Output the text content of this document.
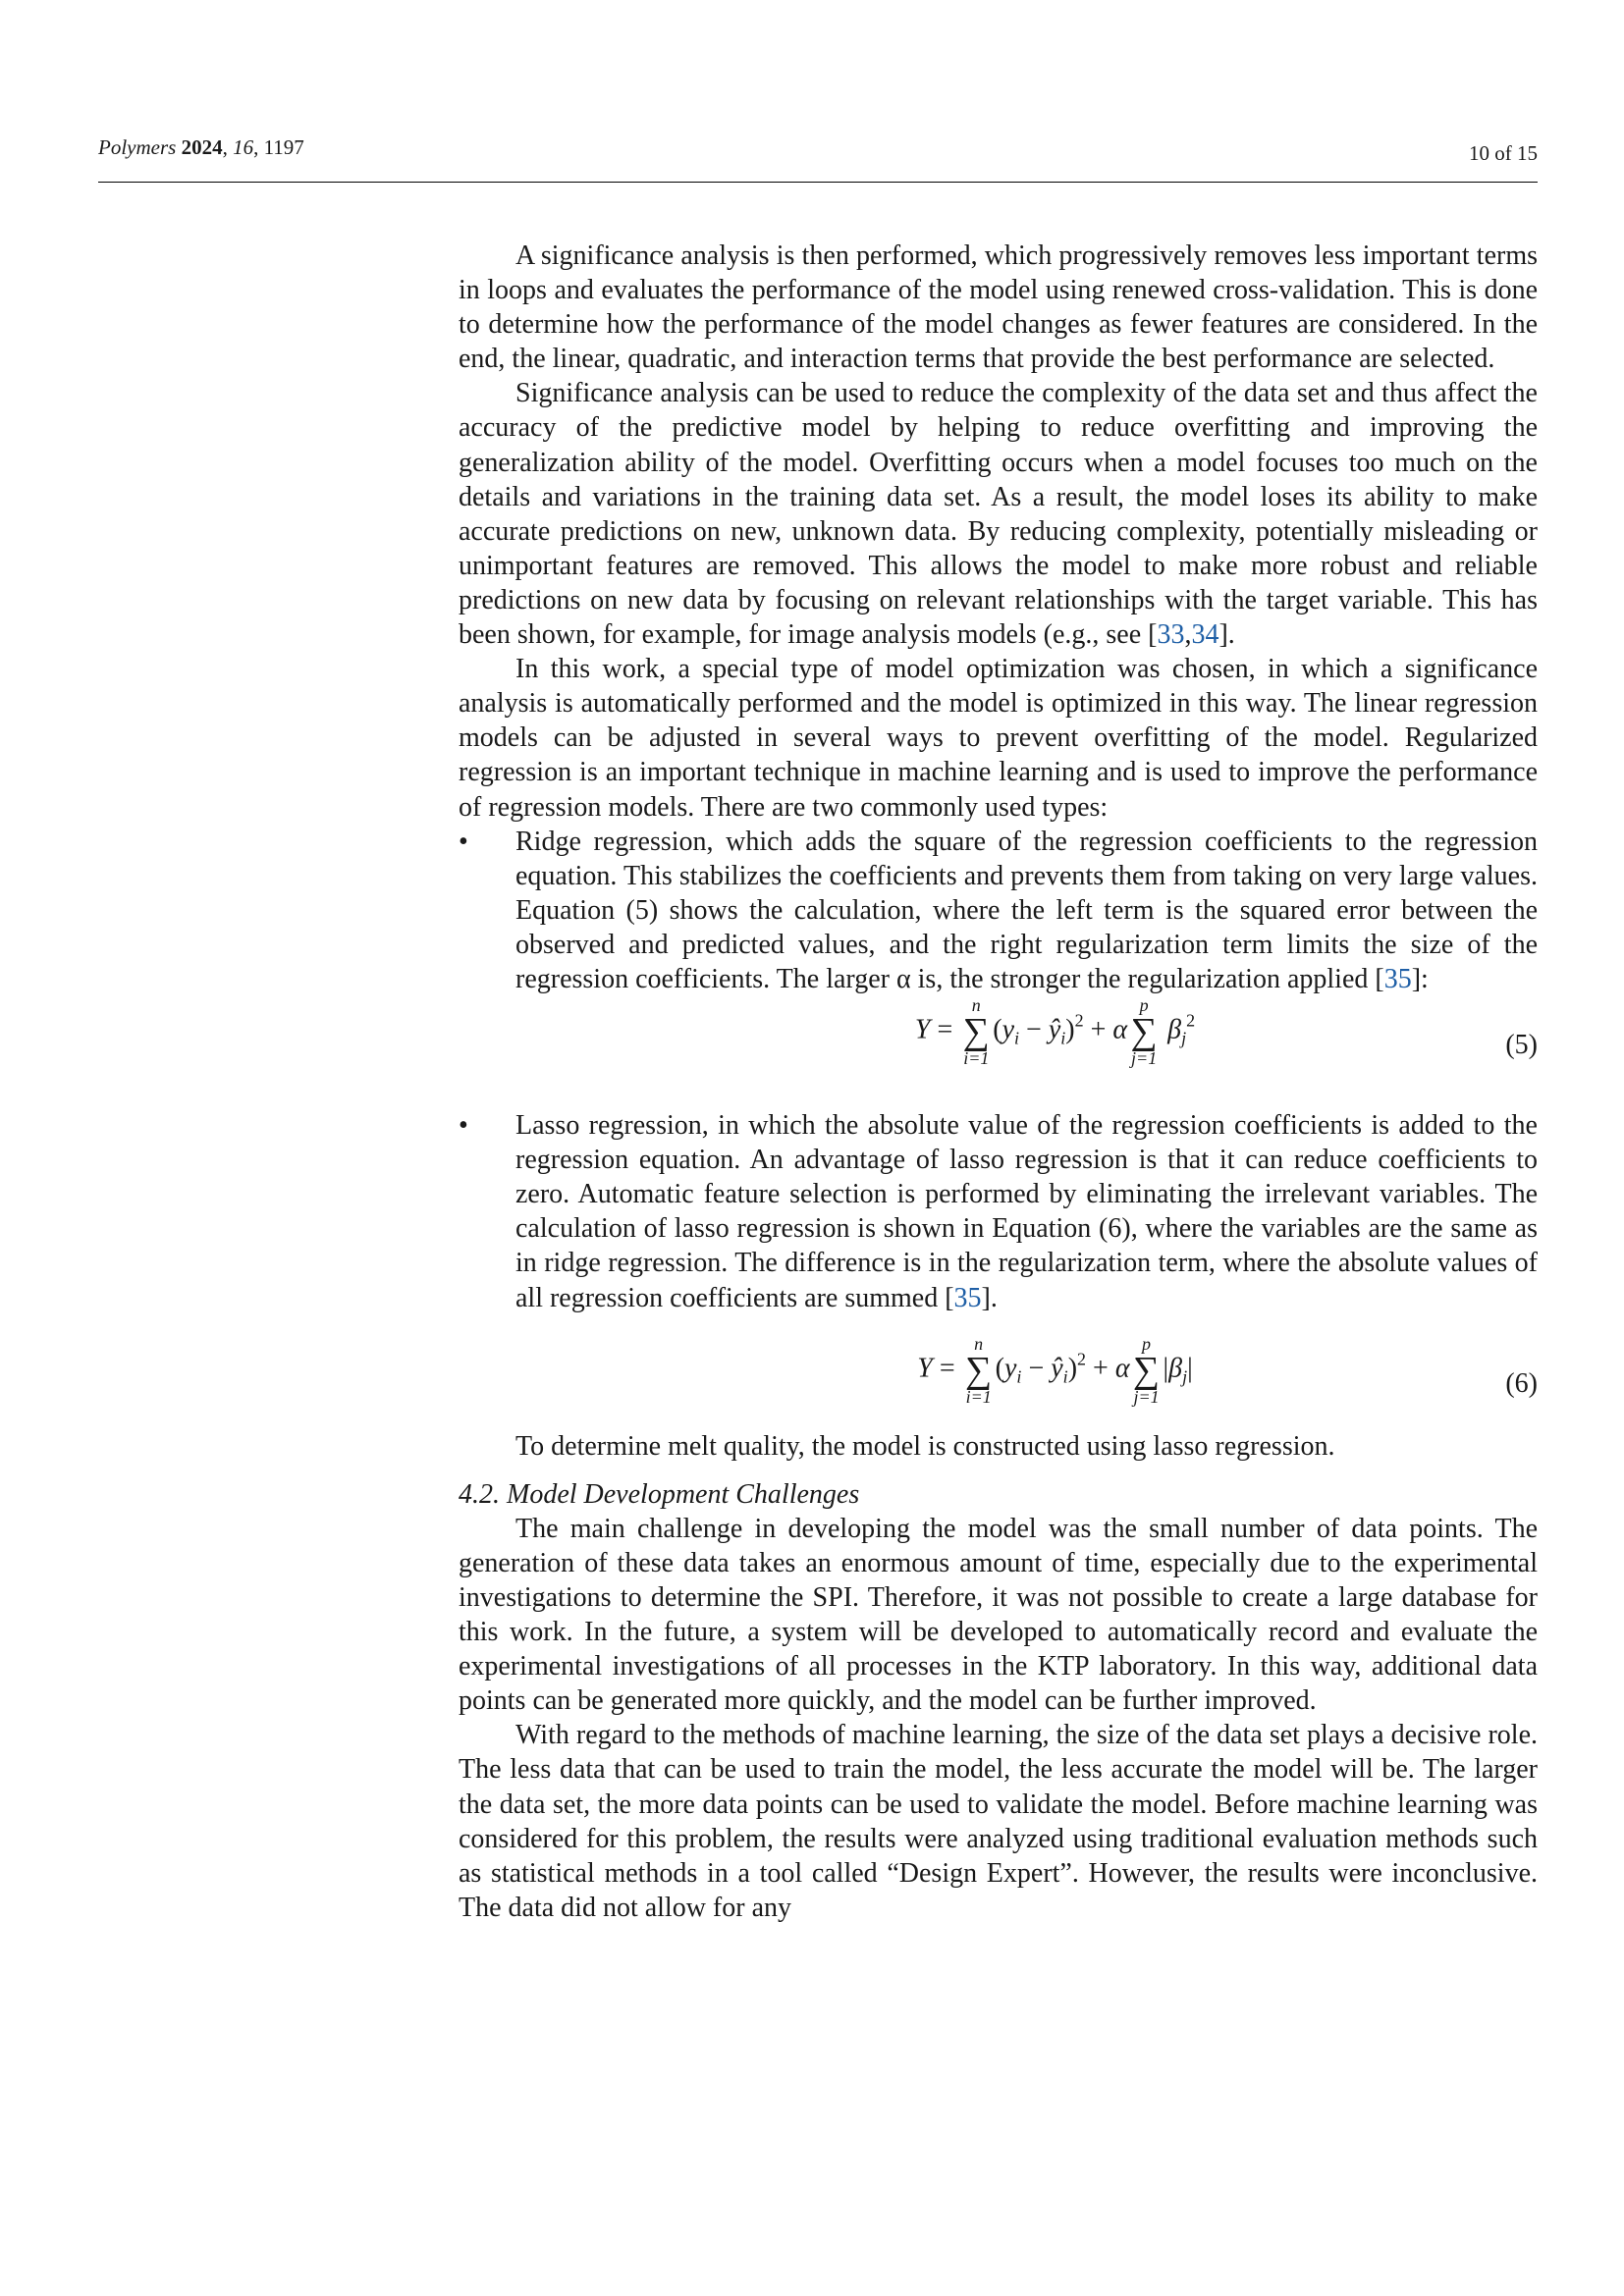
Polymers 2024, 16, 1197	10 of 15

A significance analysis is then performed, which progressively removes less important terms in loops and evaluates the performance of the model using renewed cross-validation. This is done to determine how the performance of the model changes as fewer features are considered. In the end, the linear, quadratic, and interaction terms that provide the best performance are selected.

Significance analysis can be used to reduce the complexity of the data set and thus affect the accuracy of the predictive model by helping to reduce overfitting and improving the generalization ability of the model. Overfitting occurs when a model focuses too much on the details and variations in the training data set. As a result, the model loses its ability to make accurate predictions on new, unknown data. By reducing complexity, potentially misleading or unimportant features are removed. This allows the model to make more robust and reliable predictions on new data by focusing on relevant relationships with the target variable. This has been shown, for example, for image analysis models (e.g., see [33,34].

In this work, a special type of model optimization was chosen, in which a significance analysis is automatically performed and the model is optimized in this way. The linear regression models can be adjusted in several ways to prevent overfitting of the model. Regularized regression is an important technique in machine learning and is used to improve the performance of regression models. There are two commonly used types:

• Ridge regression, which adds the square of the regression coefficients to the regression equation. This stabilizes the coefficients and prevents them from taking on very large values. Equation (5) shows the calculation, where the left term is the squared error between the observed and predicted values, and the right regularization term limits the size of the regression coefficients. The larger α is, the stronger the regularization applied [35]:
Y =
n
∑
i=1
($y_i$ − $ŷ_i)^2 + \alpha$
p
∑
j=1
$\beta_j^2$
(5)
• Lasso regression, in which the absolute value of the regression coefficients is added to the regression equation. An advantage of lasso regression is that it can reduce coefficients to zero. Automatic feature selection is performed by eliminating the irrelevant variables. The calculation of lasso regression is shown in Equation (6), where the variables are the same as in ridge regression. The difference is in the regularization term, where the absolute values of all regression coefficients are summed [35].
Y =
n
∑
i=1
($y_i$ − $ŷ_i)^2 + \alpha$
p
∑
j=1
$|\beta_j|$
(6)

To determine melt quality, the model is constructed using lasso regression.

4.2. Model Development Challenges

The main challenge in developing the model was the small number of data points. The generation of these data takes an enormous amount of time, especially due to the experimental investigations to determine the SPI. Therefore, it was not possible to create a large database for this work. In the future, a system will be developed to automatically record and evaluate the experimental investigations of all processes in the KTP laboratory. In this way, additional data points can be generated more quickly, and the model can be further improved.

With regard to the methods of machine learning, the size of the data set plays a decisive role. The less data that can be used to train the model, the less accurate the model will be. The larger the data set, the more data points can be used to validate the model. Before machine learning was considered for this problem, the results were analyzed using traditional evaluation methods such as statistical methods in a tool called “Design Expert”. However, the results were inconclusive. The data did not allow for any
